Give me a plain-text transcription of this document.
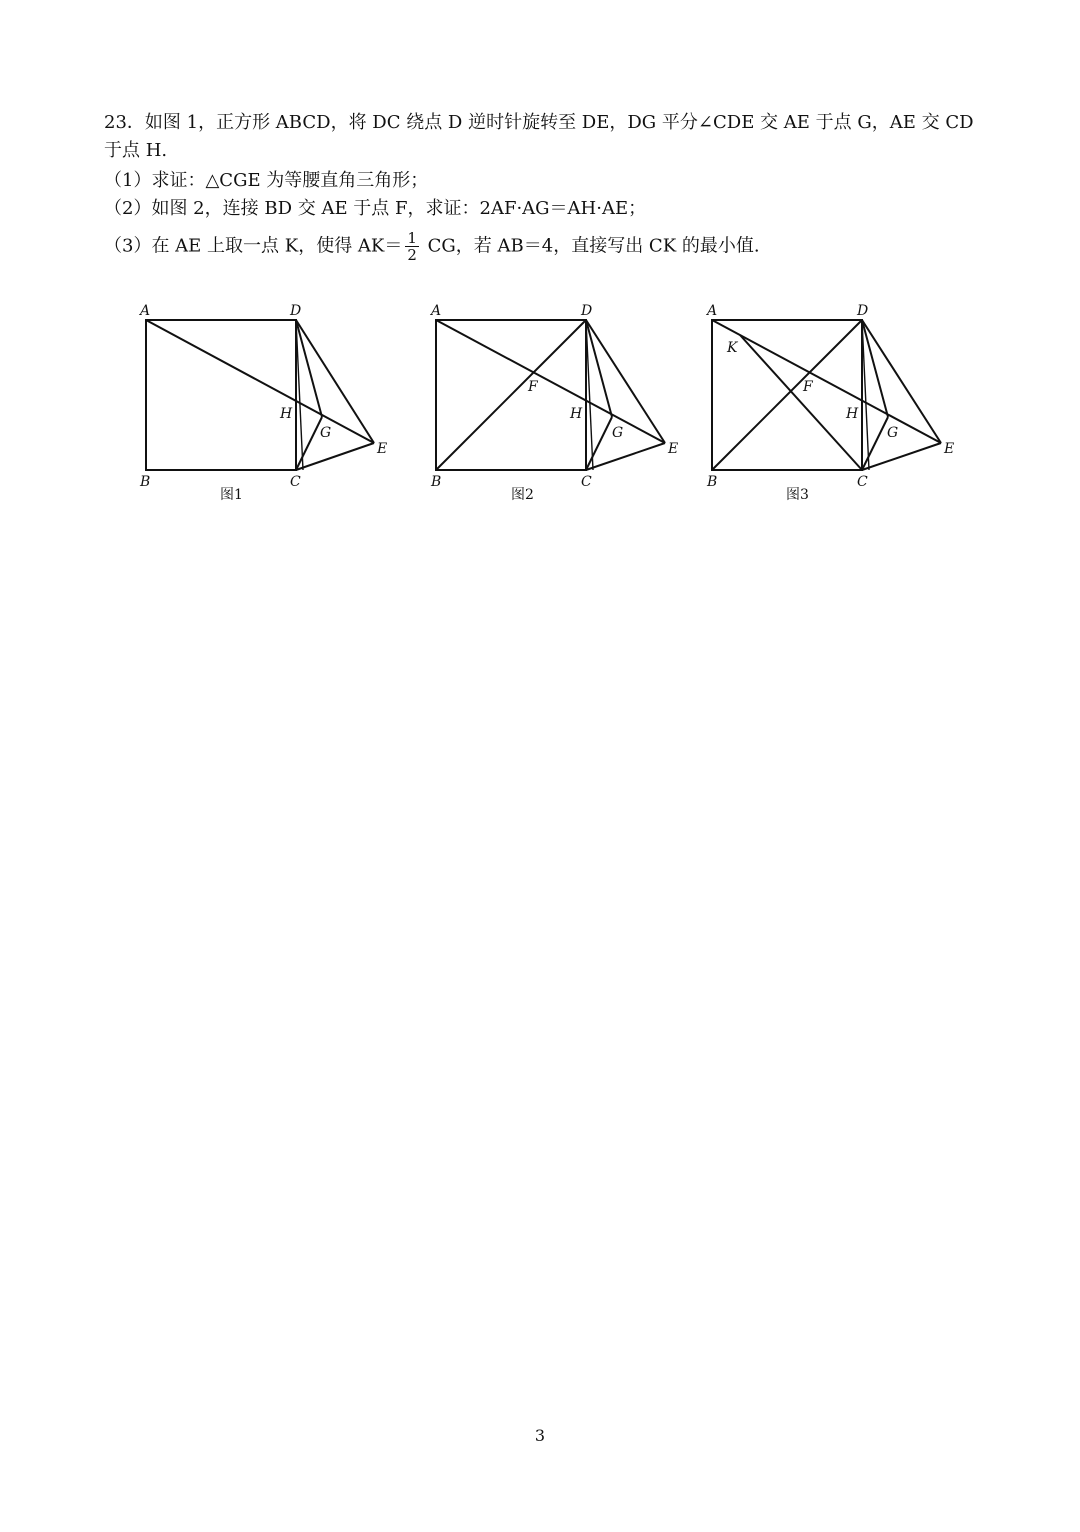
23．如图 1，正方形 ABCD，将 DC 绕点 D 逆时针旋转至 DE，DG 平分∠CDE 交 AE 于点 G，AE 交 CD
于点 H.
（1）求证：△CGE 为等腰直角三角形；
（2）如图 2，连接 BD 交 AE 于点 F，求证：2AF·AG＝AH·AE；
（3）在 AE 上取一点 K，使得 $AK= \frac{1}{2}$ CG，若 AB＝4，直接写出 CK 的最小值.
A	D
B	C
E
G
H
图1
A	D
B	C
E
G
H
F
图2
A	D
B	C
E
G
H
F
K
图3
3
